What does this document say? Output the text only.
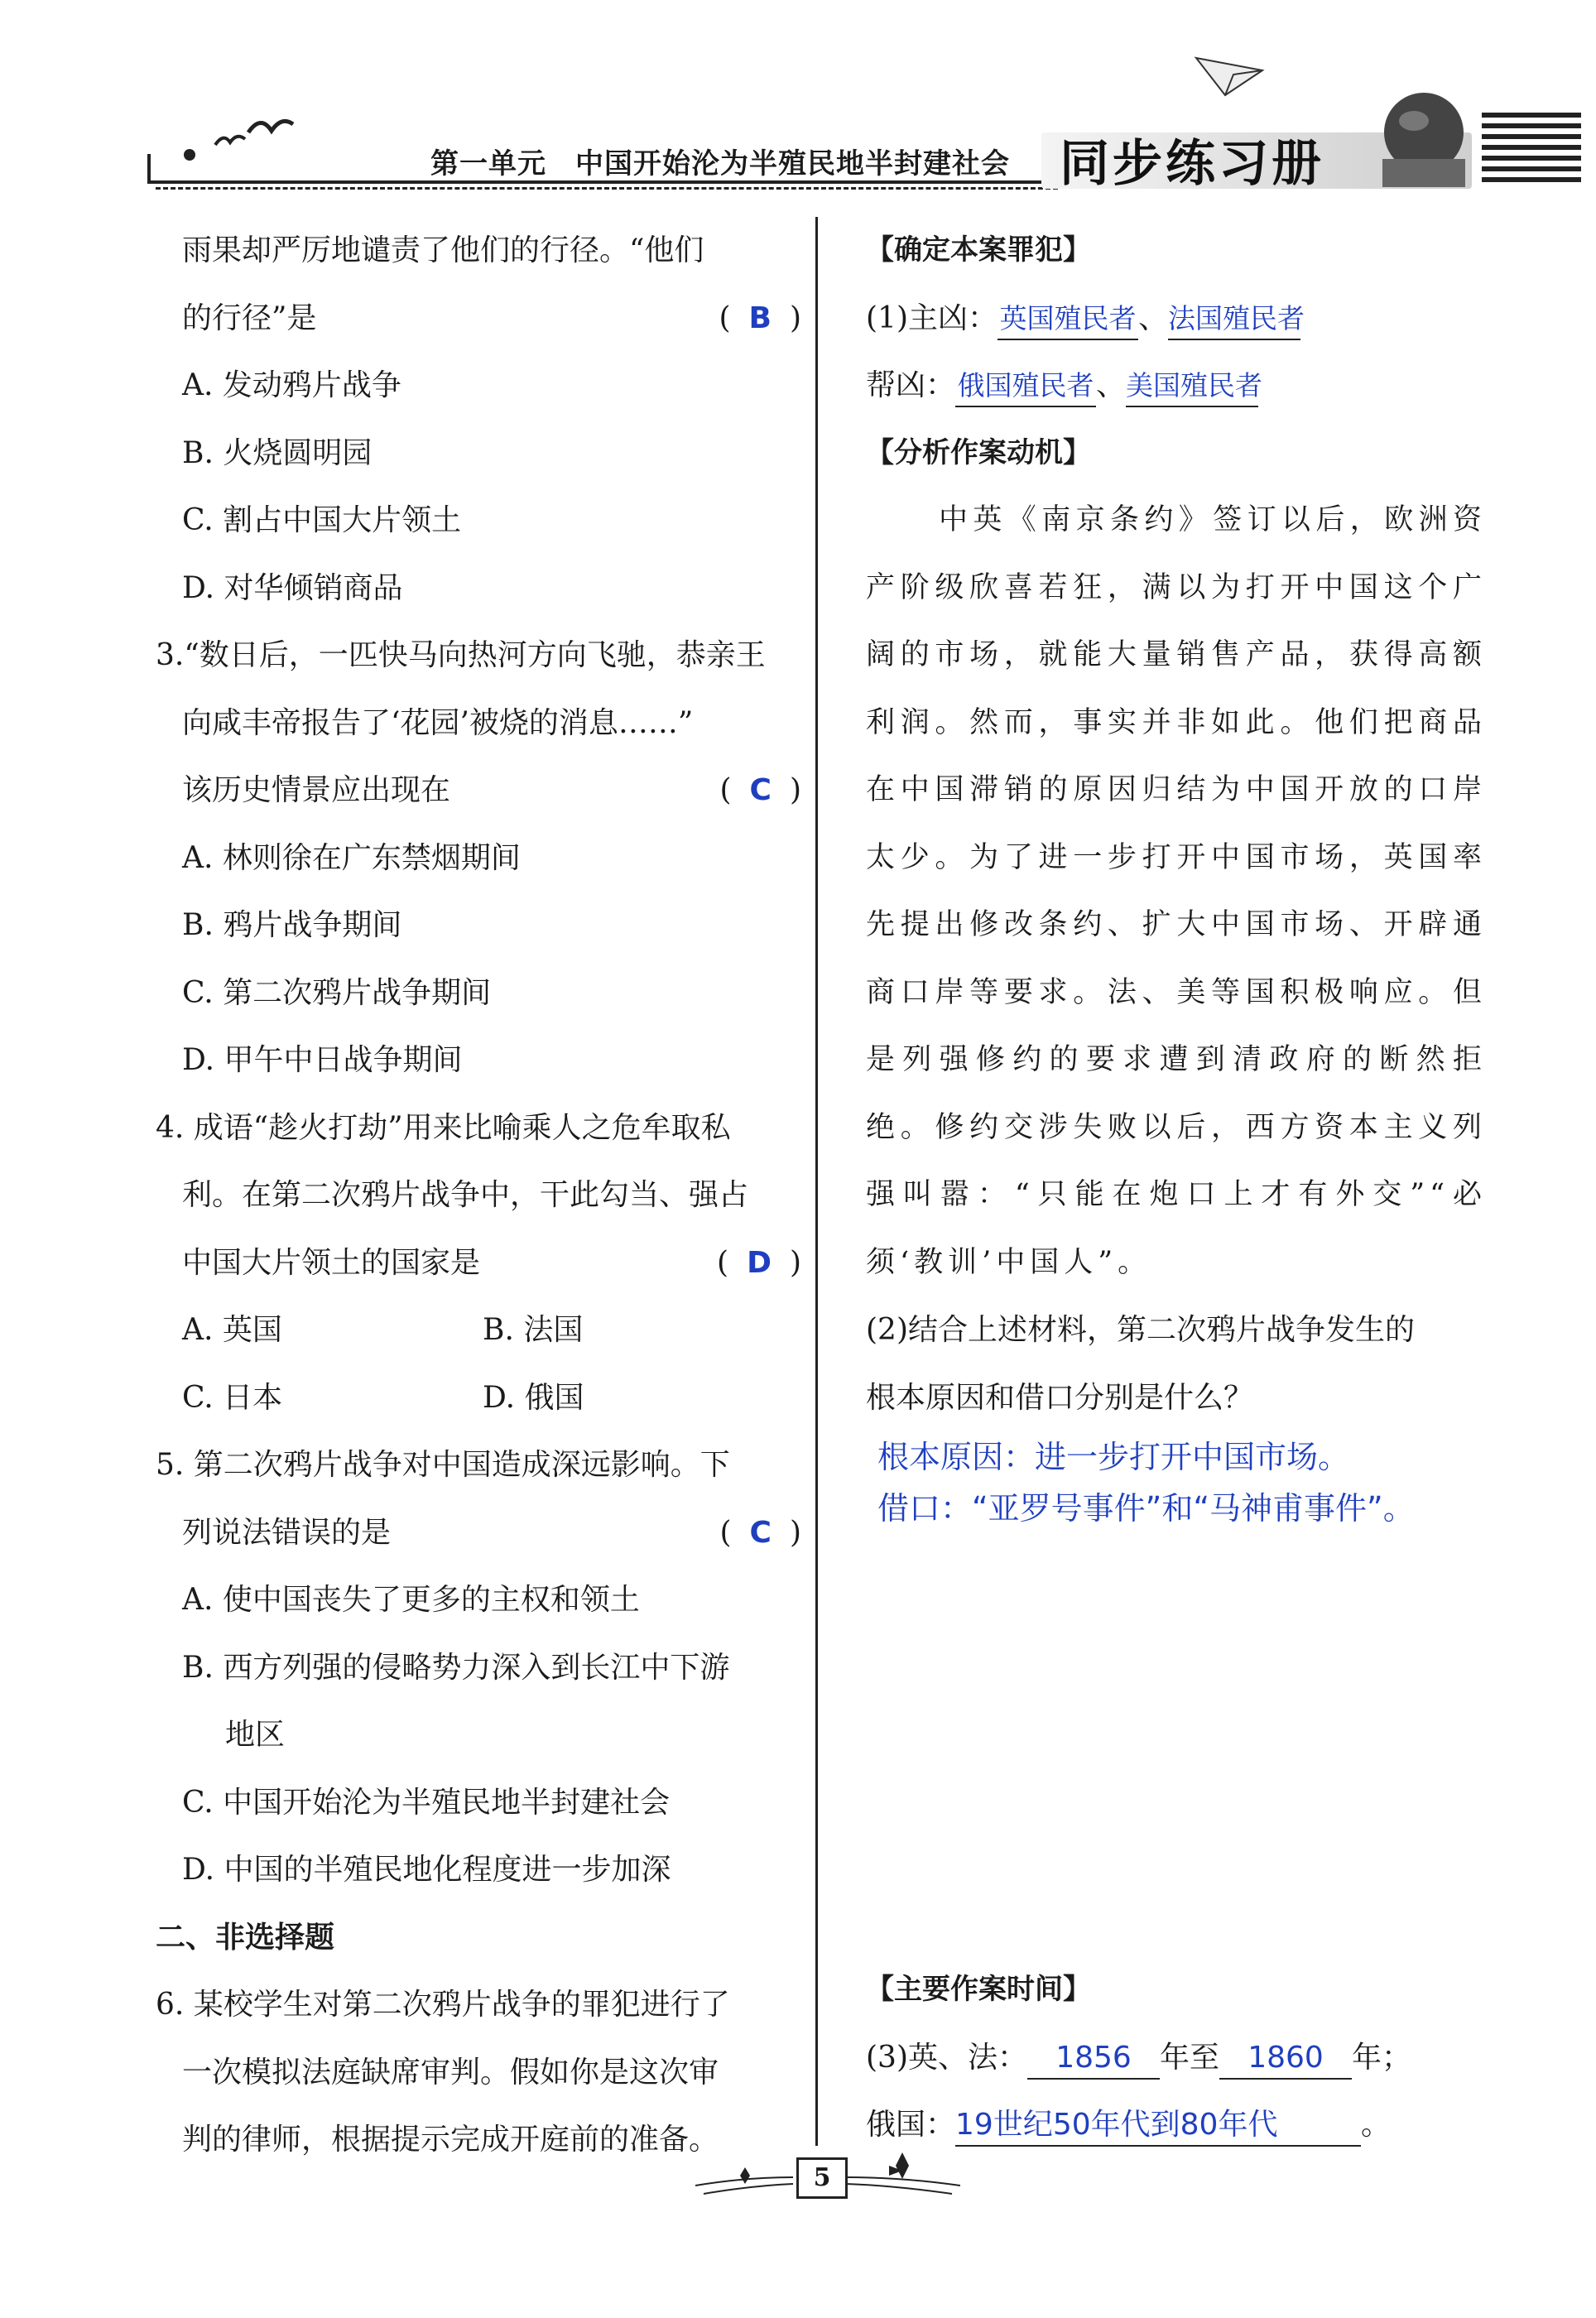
第一单元　中国开始沦为半殖民地半封建社会 同步练习册
雨果却严厉地谴责了他们的行径。“他们
的行径”是	( B )
A. 发动鸦片战争
B. 火烧圆明园
C. 割占中国大片领土
D. 对华倾销商品
3.“数日后，一匹快马向热河方向飞驰，恭亲王
向咸丰帝报告了‘花园’被烧的消息……”
该历史情景应出现在	( C )
A. 林则徐在广东禁烟期间
B. 鸦片战争期间
C. 第二次鸦片战争期间
D. 甲午中日战争期间
4. 成语“趁火打劫”用来比喻乘人之危牟取私
利。在第二次鸦片战争中，干此勾当、强占
中国大片领土的国家是	( D )
A. 英国	B. 法国
C. 日本	D. 俄国
5. 第二次鸦片战争对中国造成深远影响。下
列说法错误的是	( C )
A. 使中国丧失了更多的主权和领土
B. 西方列强的侵略势力深入到长江中下游
地区
C. 中国开始沦为半殖民地半封建社会
D. 中国的半殖民地化程度进一步加深
二、非选择题
6. 某校学生对第二次鸦片战争的罪犯进行了
一次模拟法庭缺席审判。假如你是这次审
判的律师，根据提示完成开庭前的准备。
【确定本案罪犯】
(1)主凶：英国殖民者、法国殖民者
帮凶：俄国殖民者、美国殖民者
【分析作案动机】
中英《南京条约》签订以后，欧洲资产阶级欣喜若狂，满以为打开中国这个广阔的市场，就能大量销售产品，获得高额利润。然而，事实并非如此。他们把商品在中国滞销的原因归结为中国开放的口岸太少。为了进一步打开中国市场，英国率先提出修改条约、扩大中国市场、开辟通商口岸等要求。法、美等国积极响应。但是列强修约的要求遭到清政府的断然拒绝。修约交涉失败以后，西方资本主义列强叫嚣：“只能在炮口上才有外交”“必须‘教训’中国人”。
(2)结合上述材料，第二次鸦片战争发生的
根本原因和借口分别是什么？
根本原因：进一步打开中国市场。
借口：“亚罗号事件”和“马神甫事件”。
【主要作案时间】
(3)英、法： 1856 年至 1860 年；
俄国：19世纪50年代到80年代	。
5
